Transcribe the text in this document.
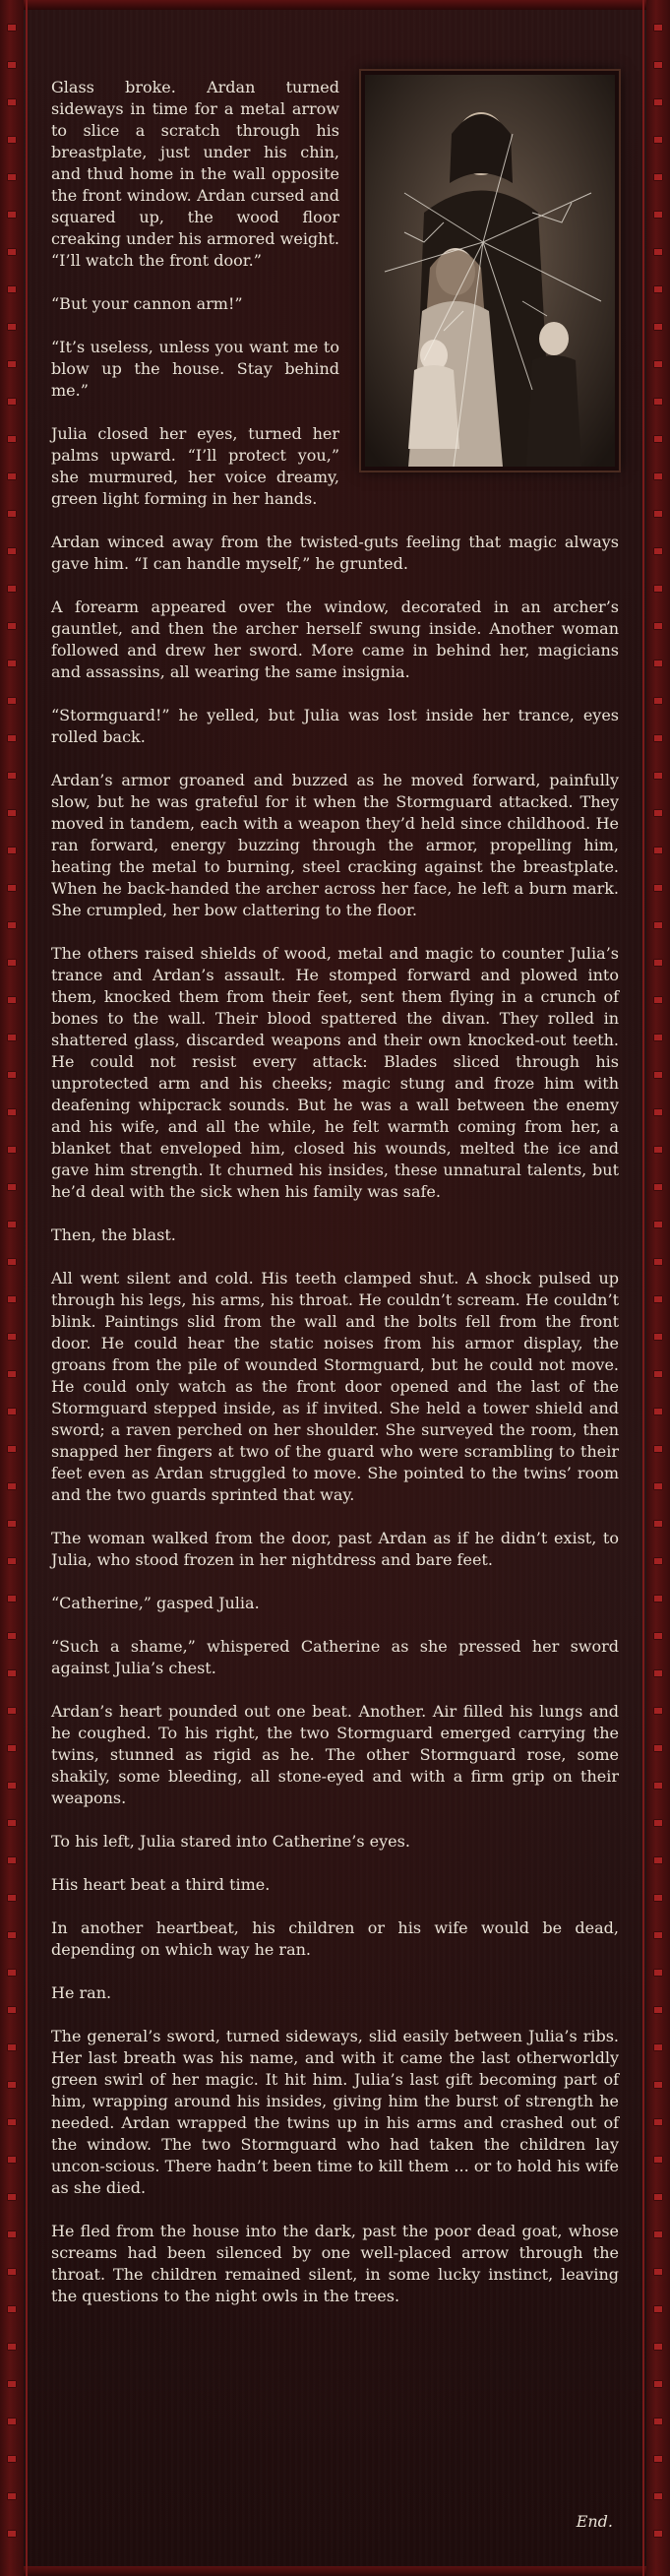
Glass broke. Ardan turned sideways in time for a metal arrow to slice a scratch through his breastplate, just under his chin, and thud home in the wall opposite the front window. Ardan cursed and squared up, the wood floor creaking under his armored weight. “I’ll watch the front door.”

“But your cannon arm!”

“It’s useless, unless you want me to blow up the house. Stay behind me.”

Julia closed her eyes, turned her palms upward. “I’ll protect you,” she murmured, her voice dreamy, green light forming in her hands.

Ardan winced away from the twisted-guts feeling that magic always gave him. “I can handle myself,” he grunted.

A forearm appeared over the window, decorated in an archer’s gauntlet, and then the archer herself swung inside. Another woman followed and drew her sword. More came in behind her, magicians and assassins, all wearing the same insignia.

“Stormguard!” he yelled, but Julia was lost inside her trance, eyes rolled back.

Ardan’s armor groaned and buzzed as he moved forward, painfully slow, but he was grateful for it when the Stormguard attacked. They moved in tandem, each with a weapon they’d held since childhood. He ran forward, energy buzzing through the armor, propelling him, heating the metal to burning, steel cracking against the breastplate. When he back-handed the archer across her face, he left a burn mark. She crumpled, her bow clattering to the floor.

The others raised shields of wood, metal and magic to counter Julia’s trance and Ardan’s assault. He stomped forward and plowed into them, knocked them from their feet, sent them flying in a crunch of bones to the wall. Their blood spattered the divan. They rolled in shattered glass, discarded weapons and their own knocked-out teeth. He could not resist every attack: Blades sliced through his unprotected arm and his cheeks; magic stung and froze him with deafening whipcrack sounds. But he was a wall between the enemy and his wife, and all the while, he felt warmth coming from her, a blanket that enveloped him, closed his wounds, melted the ice and gave him strength. It churned his insides, these unnatural talents, but he’d deal with the sick when his family was safe.

Then, the blast.

All went silent and cold. His teeth clamped shut. A shock pulsed up through his legs, his arms, his throat. He couldn’t scream. He couldn’t blink. Paintings slid from the wall and the bolts fell from the front door. He could hear the static noises from his armor display, the groans from the pile of wounded Stormguard, but he could not move. He could only watch as the front door opened and the last of the Stormguard stepped inside, as if invited. She held a tower shield and sword; a raven perched on her shoulder. She surveyed the room, then snapped her fingers at two of the guard who were scrambling to their feet even as Ardan struggled to move. She pointed to the twins’ room and the two guards sprinted that way.

The woman walked from the door, past Ardan as if he didn’t exist, to Julia, who stood frozen in her nightdress and bare feet.

“Catherine,” gasped Julia.

“Such a shame,” whispered Catherine as she pressed her sword against Julia’s chest.

Ardan’s heart pounded out one beat. Another. Air filled his lungs and he coughed. To his right, the two Stormguard emerged carrying the twins, stunned as rigid as he. The other Stormguard rose, some shakily, some bleeding, all stone-eyed and with a firm grip on their weapons.

To his left, Julia stared into Catherine’s eyes.

His heart beat a third time.

In another heartbeat, his children or his wife would be dead, depending on which way he ran.

He ran.

The general’s sword, turned sideways, slid easily between Julia’s ribs. Her last breath was his name, and with it came the last otherworldly green swirl of her magic. It hit him. Julia’s last gift becoming part of him, wrapping around his insides, giving him the burst of strength he needed. Ardan wrapped the twins up in his arms and crashed out of the window. The two Stormguard who had taken the children lay uncon-scious. There hadn’t been time to kill them ... or to hold his wife as she died.

He fled from the house into the dark, past the poor dead goat, whose screams had been silenced by one well-placed arrow through the throat. The children remained silent, in some lucky instinct, leaving the questions to the night owls in the trees.

End.
